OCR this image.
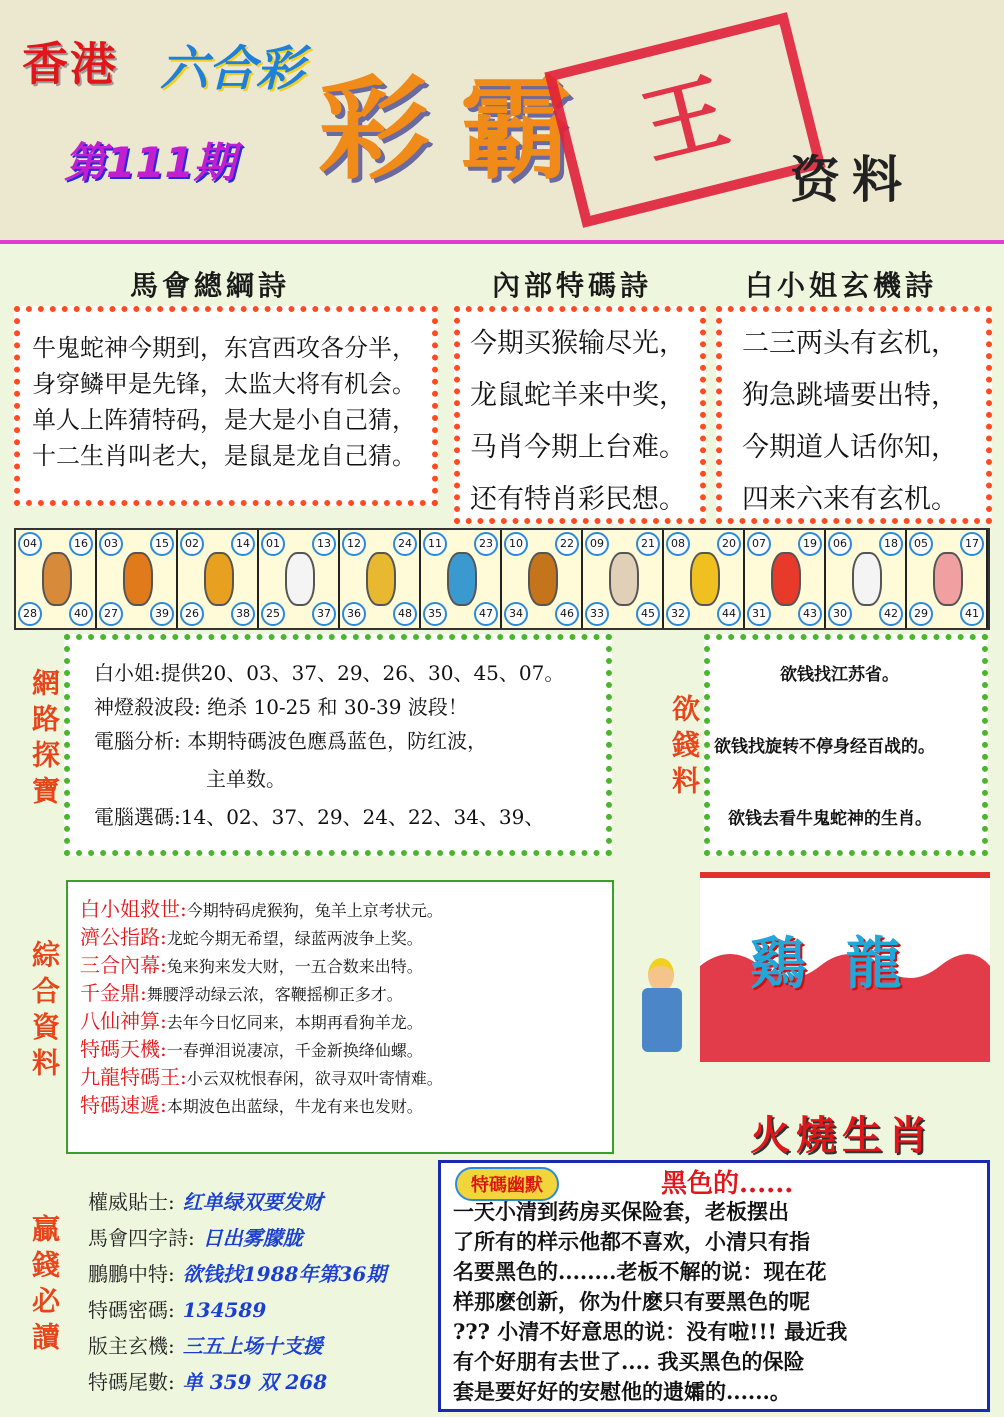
香港 六合彩
第111期 彩霸 王
资料
馬會總綱詩	內部特碼詩	白小姐玄機詩
牛鬼蛇神今期到，东宫西攻各分半，
身穿鳞甲是先锋，太监大将有机会。
单人上阵猜特码，是大是小自己猜，
十二生肖叫老大，是鼠是龙自己猜。
今期买猴输尽光，
龙鼠蛇羊来中奖，
马肖今期上台难。
还有特肖彩民想。
二三两头有玄机，
狗急跳墙要出特，
今期道人话你知，
四来六来有玄机。
04	16
28	40
03	15
27	39
02	14
26	38
01	13
25	37
12	24
36	48
11	23
35	47
10	22
34	46
09	21
33	45
08	20
32	44
07	19
31	43
06	18
30	42
05	17
29	41
網路探寶 白小姐:提供20、03、37、29、26、30、45、07。
神燈殺波段: 绝杀 10-25 和 30-39 波段！
電腦分析: 本期特碼波色應爲蓝色，防红波，
主单数。
電腦選碼:14、02、37、29、24、22、34、39、
欲錢料
欲钱找江苏省。
欲钱找旋转不停身经百战的。
欲钱去看牛鬼蛇神的生肖。
綜合資料
白小姐救世:今期特码虎猴狗，兔羊上京考状元。
濟公指路:龙蛇今期无希望，绿蓝两波争上奖。
三合內幕:兔来狗来发大财，一五合数来出特。
千金鼎:舞腰浮动绿云浓，客鞭摇柳正多才。
八仙神算:去年今日忆同来，本期再看狗羊龙。
特碼天機:一春弹泪说凄凉，千金新换绛仙螺。
九龍特碼王:小云双枕恨春闲，欲寻双叶寄情难。
特碼速遞:本期波色出蓝绿，牛龙有来也发财。
鷄 龍
火燒生肖
贏錢必讀
權威貼士: 红单绿双要发财
馬會四字詩: 日出雾朦胧
鵬鵬中特: 欲钱找1988年第36期
特碼密碼: 134589
版主玄機: 三五上场十支援
特碼尾數: 单 359 双 268
特碼幽默	黑色的......
一天小清到药房买保险套，老板摆出
了所有的样示他都不喜欢，小清只有指
名要黑色的........老板不解的说：现在花
样那麽创新，你为什麽只有要黑色的呢
??? 小清不好意思的说：没有啦!!! 最近我
有个好朋有去世了.... 我买黑色的保险
套是要好好的安慰他的遗孀的......。
